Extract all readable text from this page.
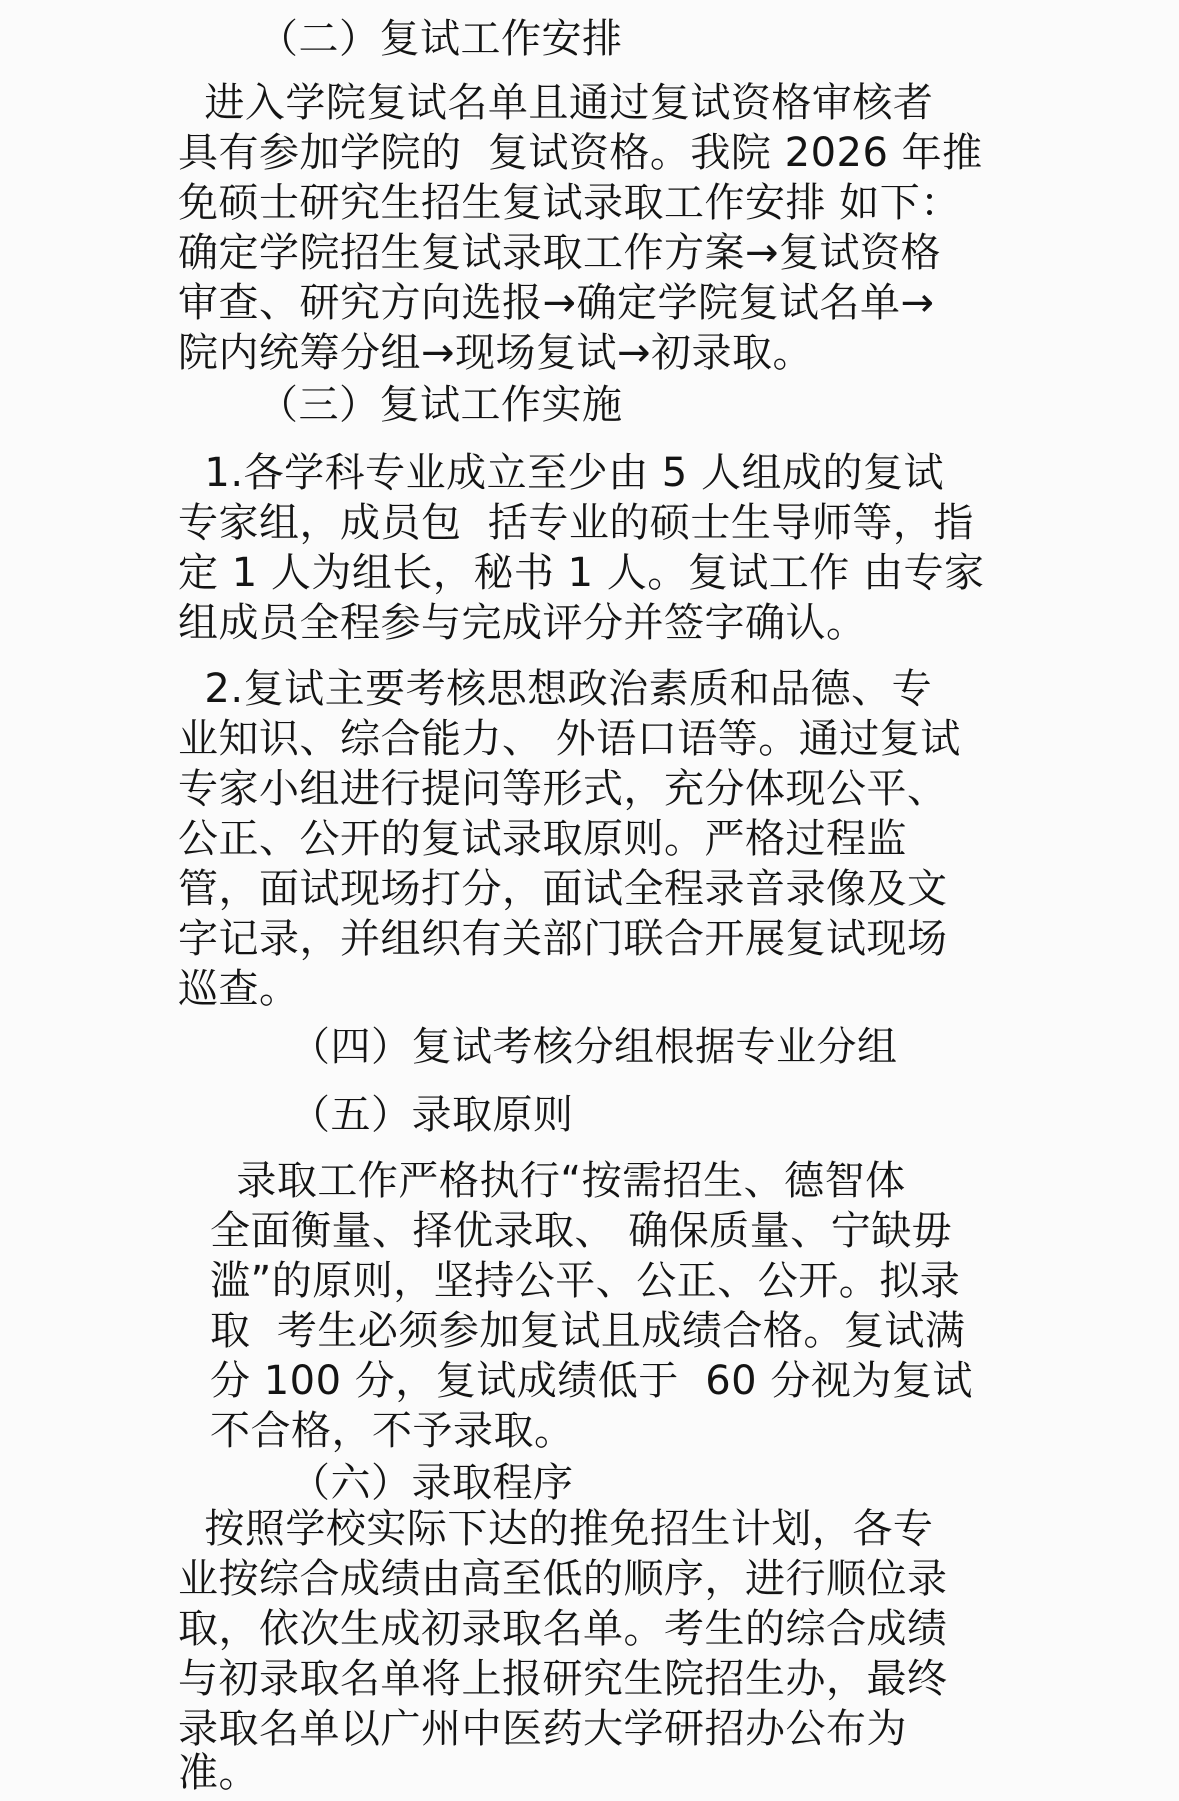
（二）复试工作安排
进入学院复试名单且通过复试资格审核者
具有参加学院的  复试资格。我院 2026 年推
免硕士研究生招生复试录取工作安排 如下：
确定学院招生复试录取工作方案→复试资格
审查、研究方向选报→确定学院复试名单→
院内统筹分组→现场复试→初录取。
（三）复试工作实施
1.各学科专业成立至少由 5 人组成的复试
专家组，成员包  括专业的硕士生导师等，指
定 1 人为组长，秘书 1 人。复试工作 由专家
组成员全程参与完成评分并签字确认。
2.复试主要考核思想政治素质和品德、专
业知识、综合能力、 外语口语等。通过复试
专家小组进行提问等形式，充分体现公平、
公正、公开的复试录取原则。严格过程监
管，面试现场打分，面试全程录音录像及文
字记录，并组织有关部门联合开展复试现场
巡查。
（四）复试考核分组根据专业分组
（五）录取原则
录取工作严格执行“按需招生、德智体
全面衡量、择优录取、 确保质量、宁缺毋
滥”的原则，坚持公平、公正、公开。拟录
取  考生必须参加复试且成绩合格。复试满
分 100 分，复试成绩低于  60 分视为复试
不合格，不予录取。
（六）录取程序
按照学校实际下达的推免招生计划，各专
业按综合成绩由高至低的顺序，进行顺位录
取，依次生成初录取名单。考生的综合成绩
与初录取名单将上报研究生院招生办，最终
录取名单以广州中医药大学研招办公布为
准。
